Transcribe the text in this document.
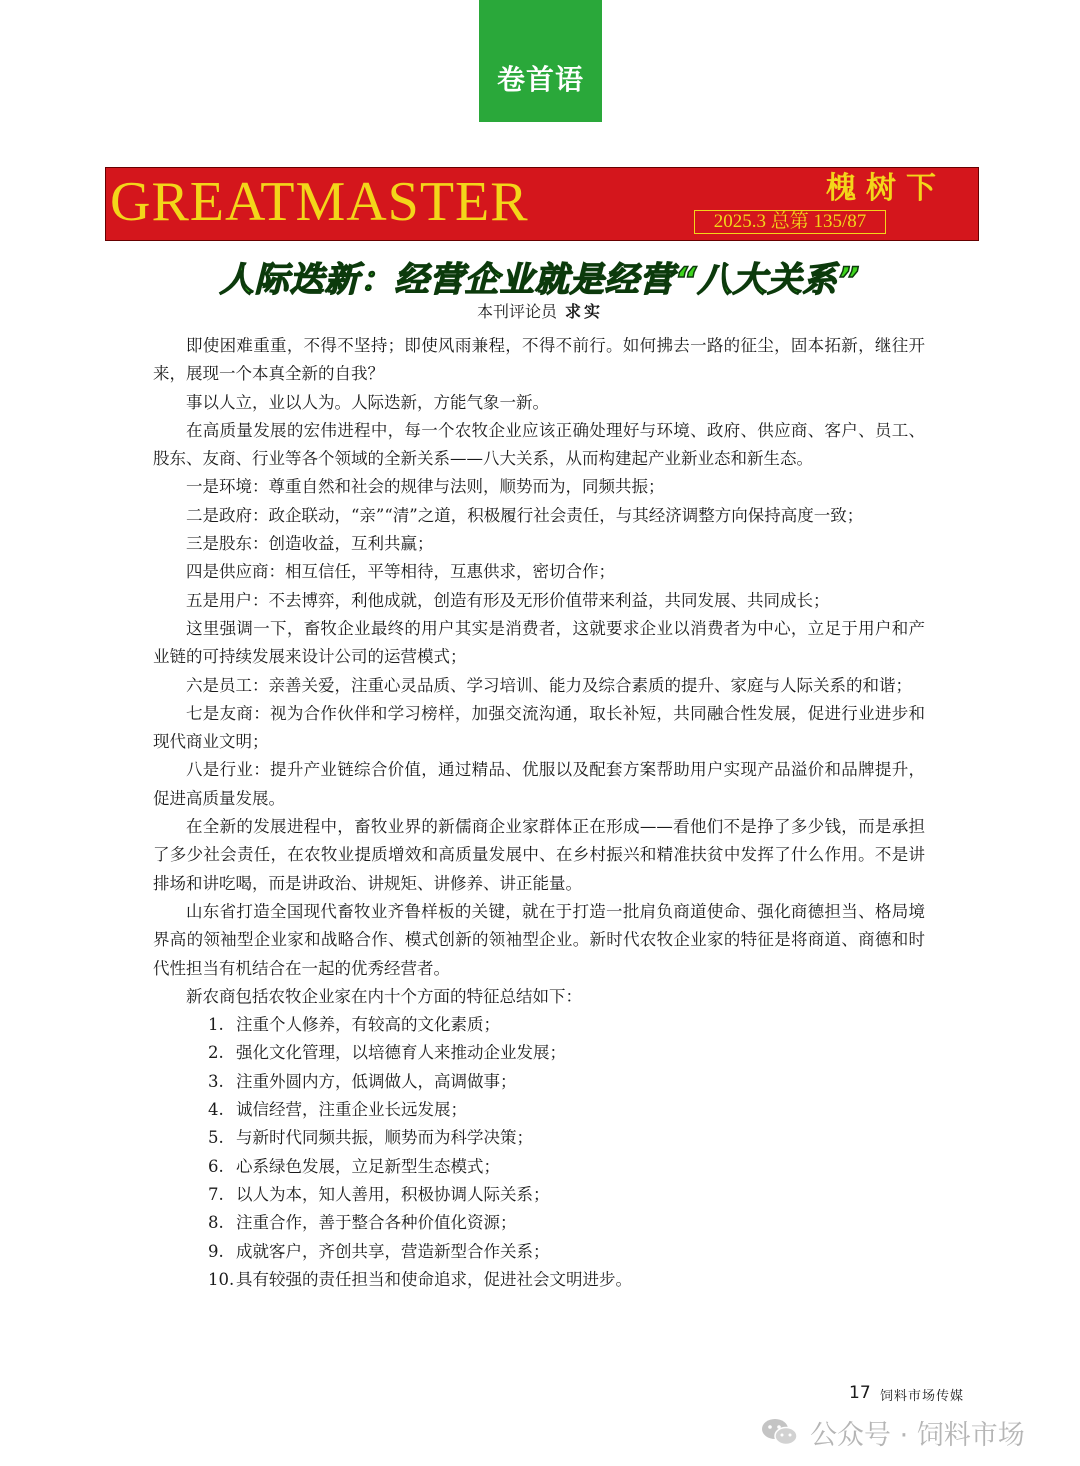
卷首语
GREATMASTER	槐树下
2025.3 总第 135/87
人际迭新：经营企业就是经营“八大关系”
本刊评论员 求实

即使困难重重，不得不坚持；即使风雨兼程，不得不前行。如何拂去一路的征尘，固本拓新，继往开来，展现一个本真全新的自我？

事以人立，业以人为。人际迭新，方能气象一新。

在高质量发展的宏伟进程中，每一个农牧企业应该正确处理好与环境、政府、供应商、客户、员工、股东、友商、行业等各个领域的全新关系——八大关系，从而构建起产业新业态和新生态。

一是环境：尊重自然和社会的规律与法则，顺势而为，同频共振；

二是政府：政企联动，“亲”“清”之道，积极履行社会责任，与其经济调整方向保持高度一致；

三是股东：创造收益，互利共赢；

四是供应商：相互信任，平等相待，互惠供求，密切合作；

五是用户：不去博弈，利他成就，创造有形及无形价值带来利益，共同发展、共同成长；

这里强调一下，畜牧企业最终的用户其实是消费者，这就要求企业以消费者为中心，立足于用户和产业链的可持续发展来设计公司的运营模式；

六是员工：亲善关爱，注重心灵品质、学习培训、能力及综合素质的提升、家庭与人际关系的和谐；

七是友商：视为合作伙伴和学习榜样，加强交流沟通，取长补短，共同融合性发展，促进行业进步和现代商业文明；

八是行业：提升产业链综合价值，通过精品、优服以及配套方案帮助用户实现产品溢价和品牌提升，促进高质量发展。

在全新的发展进程中，畜牧业界的新儒商企业家群体正在形成——看他们不是挣了多少钱，而是承担了多少社会责任，在农牧业提质增效和高质量发展中、在乡村振兴和精准扶贫中发挥了什么作用。不是讲排场和讲吃喝，而是讲政治、讲规矩、讲修养、讲正能量。

山东省打造全国现代畜牧业齐鲁样板的关键，就在于打造一批肩负商道使命、强化商德担当、格局境界高的领袖型企业家和战略合作、模式创新的领袖型企业。新时代农牧企业家的特征是将商道、商德和时代性担当有机结合在一起的优秀经营者。

新农商包括农牧企业家在内十个方面的特征总结如下：

1. 注重个人修养，有较高的文化素质；
2. 强化文化管理，以培德育人来推动企业发展；
3. 注重外圆内方，低调做人，高调做事；
4. 诚信经营，注重企业长远发展；
5. 与新时代同频共振，顺势而为科学决策；
6. 心系绿色发展，立足新型生态模式；
7. 以人为本，知人善用，积极协调人际关系；
8. 注重合作，善于整合各种价值化资源；
9. 成就客户，齐创共享，营造新型合作关系；
10. 具有较强的责任担当和使命追求，促进社会文明进步。
17 饲料市场传媒
公众号 · 饲料市场
